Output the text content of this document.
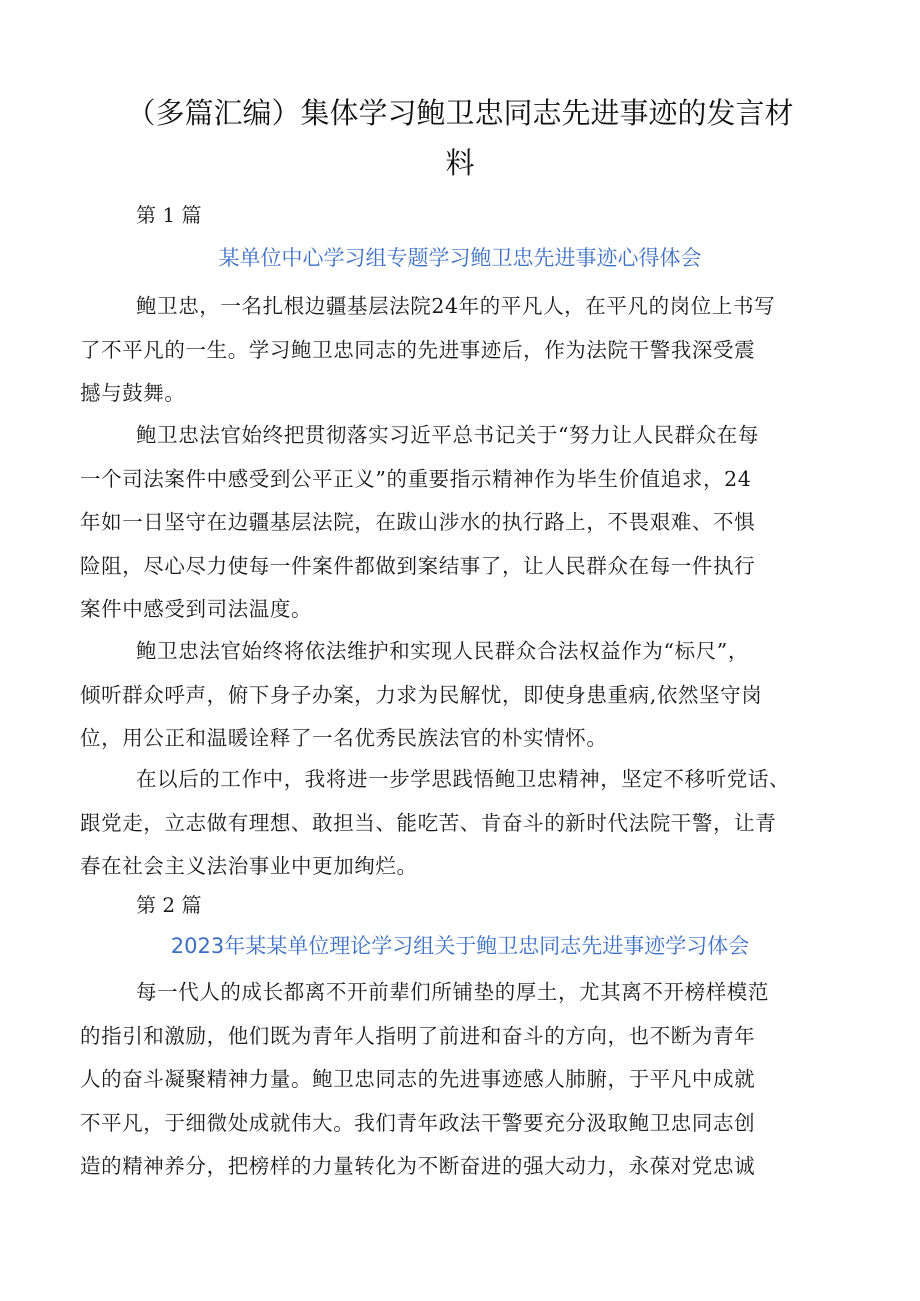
（多篇汇编）集体学习鲍卫忠同志先进事迹的发言材
料
第 1 篇
某单位中心学习组专题学习鲍卫忠先进事迹心得体会

鲍卫忠，一名扎根边疆基层法院24年的平凡人，在平凡的岗位上书写
了不平凡的一生。学习鲍卫忠同志的先进事迹后，作为法院干警我深受震
撼与鼓舞。

鲍卫忠法官始终把贯彻落实习近平总书记关于“努力让人民群众在每
一个司法案件中感受到公平正义”的重要指示精神作为毕生价值追求，24
年如一日坚守在边疆基层法院，在跋山涉水的执行路上，不畏艰难、不惧
险阻，尽心尽力使每一件案件都做到案结事了，让人民群众在每一件执行
案件中感受到司法温度。

鲍卫忠法官始终将依法维护和实现人民群众合法权益作为“标尺”，
倾听群众呼声，俯下身子办案，力求为民解忧，即使身患重病,依然坚守岗
位，用公正和温暖诠释了一名优秀民族法官的朴实情怀。

在以后的工作中，我将进一步学思践悟鲍卫忠精神，坚定不移听党话、
跟党走，立志做有理想、敢担当、能吃苦、肯奋斗的新时代法院干警，让青
春在社会主义法治事业中更加绚烂。

第 2 篇
2023年某某单位理论学习组关于鲍卫忠同志先进事迹学习体会

每一代人的成长都离不开前辈们所铺垫的厚土，尤其离不开榜样模范
的指引和激励，他们既为青年人指明了前进和奋斗的方向，也不断为青年
人的奋斗凝聚精神力量。鲍卫忠同志的先进事迹感人肺腑，于平凡中成就
不平凡，于细微处成就伟大。我们青年政法干警要充分汲取鲍卫忠同志创
造的精神养分，把榜样的力量转化为不断奋进的强大动力，永葆对党忠诚
